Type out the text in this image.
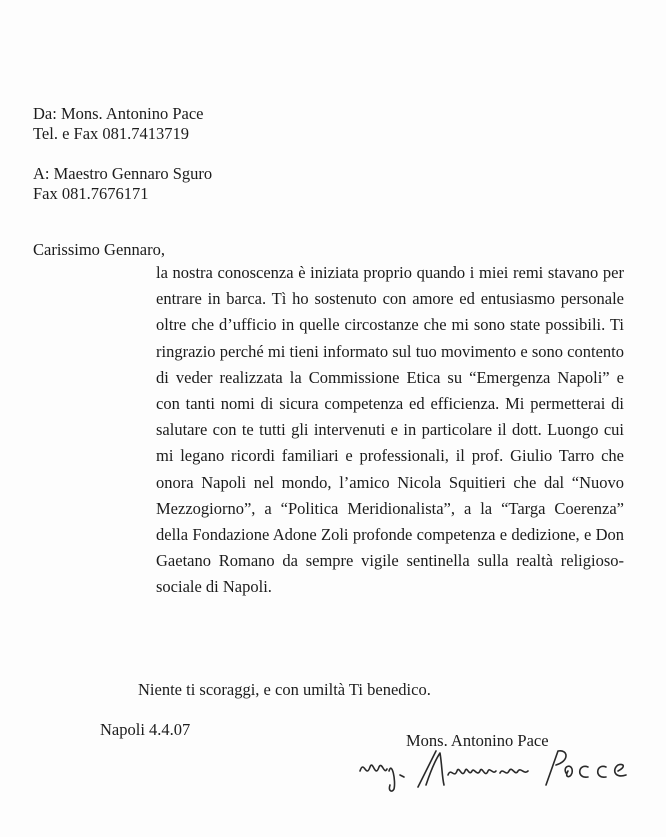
Da: Mons. Antonino Pace
Tel. e Fax 081.7413719
A: Maestro Gennaro Sguro
Fax 081.7676171
Carissimo Gennaro,

la nostra conoscenza è iniziata proprio quando i miei remi stavano per entrare in barca. Tì ho sostenuto con amore ed entusiasmo personale oltre che d’ufficio in quelle circostanze che mi sono state possibili. Ti ringrazio perché mi tieni informato sul tuo movimento e sono contento di veder realizzata la Commissione Etica su “Emergenza Napoli” e con tanti nomi di sicura competenza ed efficienza. Mi permetterai di salutare con te tutti gli intervenuti e in particolare il dott. Luongo cui mi legano ricordi familiari e professionali, il prof. Giulio Tarro che onora Napoli nel mondo, l’amico Nicola Squitieri che dal “Nuovo Mezzogiorno”, a “Politica Meridionalista”, a la “Targa Coerenza” della Fondazione Adone Zoli profonde competenza e dedizione, e Don Gaetano Romano da sempre vigile sentinella sulla realtà religioso-sociale di Napoli.

Niente ti scoraggi, e con umiltà Ti benedico.
Napoli 4.4.07
Mons. Antonino Pace
